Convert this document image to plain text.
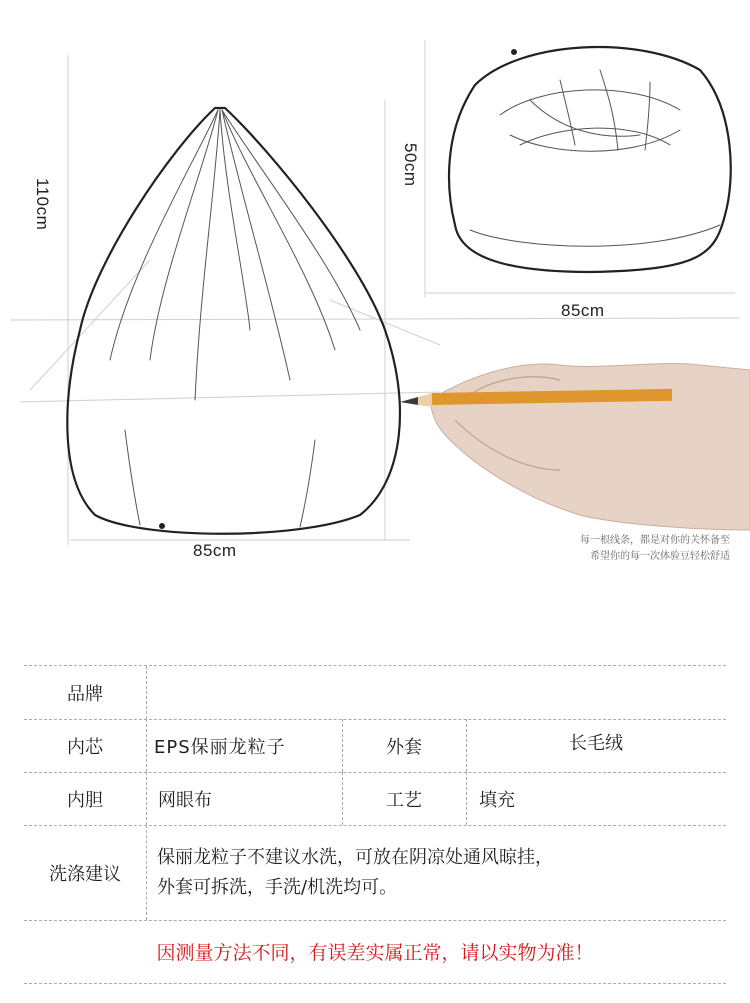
110cm
85cm
50cm
85cm
每一根线条，都是对你的关怀备至
希望你的每一次体验豆轻松舒适
品牌
内芯	EPS保丽龙粒子	外套	长毛绒
内胆	网眼布	工艺	填充
洗涤建议
保丽龙粒子不建议水洗，可放在阴凉处通风晾挂，
外套可拆洗，手洗/机洗均可。
因测量方法不同，有误差实属正常，请以实物为准！
